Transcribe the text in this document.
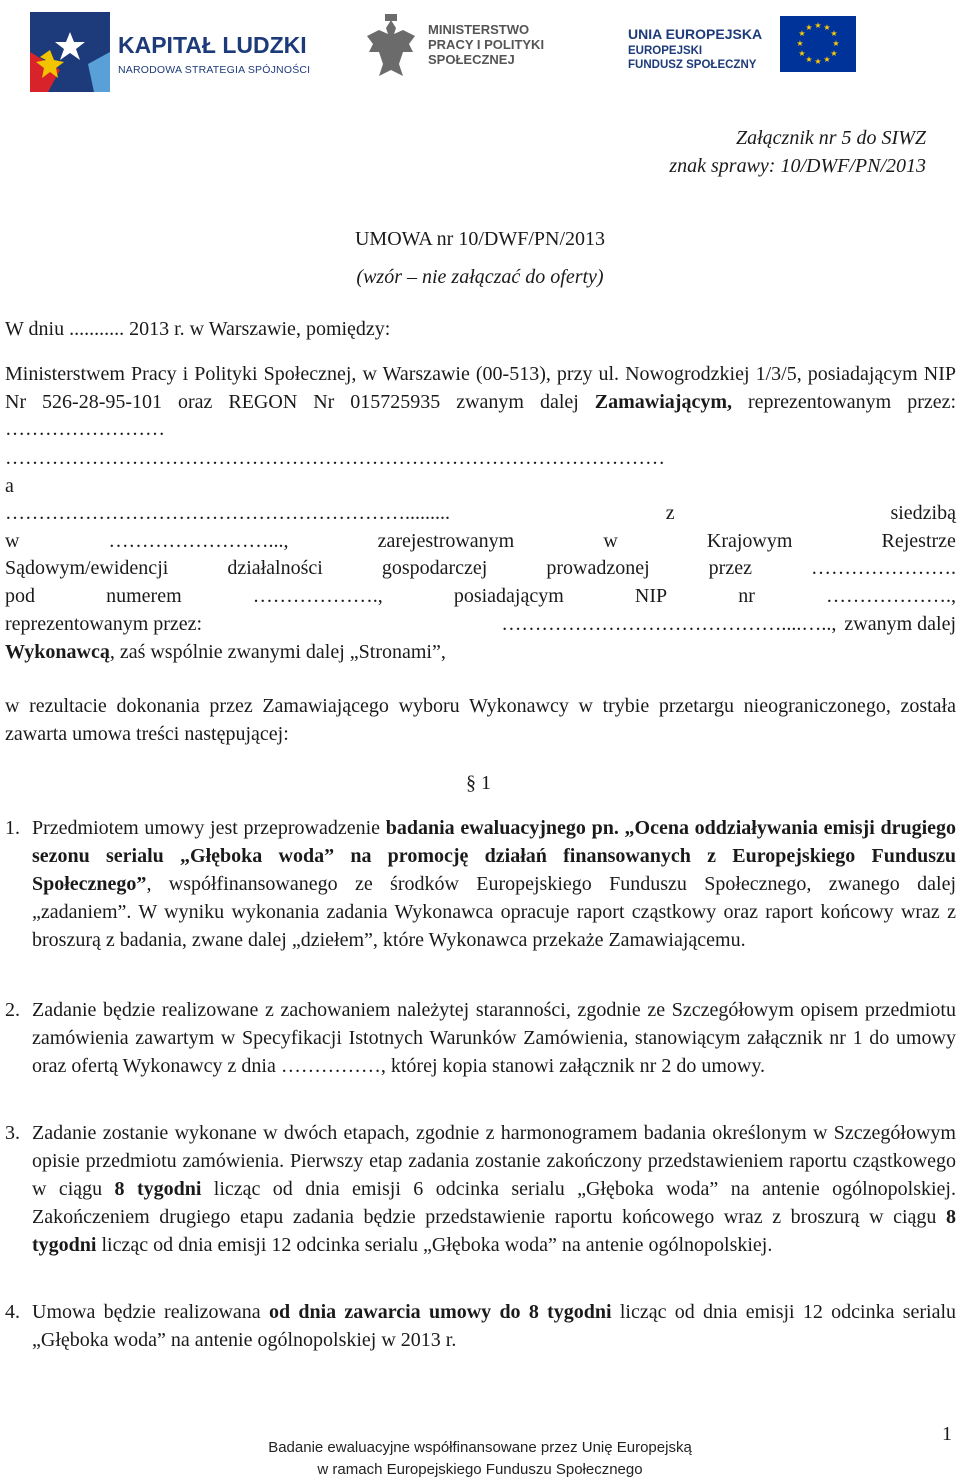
KAPITAŁ LUDZKI
NARODOWA STRATEGIA SPÓJNOŚCI
MINISTERSTWO
PRACY I POLITYKI
SPOŁECZNEJ
UNIA EUROPEJSKA
EUROPEJSKI
FUNDUSZ SPOŁECZNY
★ ★
★
★
★
★
★
★
★
★
★
★
Załącznik nr 5 do SIWZ
znak sprawy: 10/DWF/PN/2013
UMOWA nr 10/DWF/PN/2013
(wzór – nie załączać do oferty)
W dniu ........... 2013 r. w Warszawie, pomiędzy:
Ministerstwem Pracy i Polityki Społecznej, w Warszawie (00-513), przy ul. Nowogrodzkiej 1/3/5, posiadającym NIP Nr 526-28-95-101 oraz REGON Nr 015725935 zwanym dalej Zamawiającym, reprezentowanym przez: ……………………
………………………………………………………………………………………
a
…………………………………………………….........	z	siedzibą
w	……………………...,	zarejestrowanym	w	Krajowym	Rejestrze
Sądowym/ewidencji	działalności	gospodarczej	prowadzonej	przez	………………….
pod	numerem	……………….,	posiadającym	NIP	nr	……………….,
reprezentowanym przez:	……………………………………....….., zwanym dalej
Wykonawcą, zaś wspólnie zwanymi dalej „Stronami”,
w rezultacie dokonania przez Zamawiającego wyboru Wykonawcy w trybie przetargu nieograniczonego, została zawarta umowa treści następującej:
§ 1
1. Przedmiotem umowy jest przeprowadzenie badania ewaluacyjnego pn. „Ocena oddziaływania emisji drugiego sezonu serialu „Głęboka woda” na promocję działań finansowanych z Europejskiego Funduszu Społecznego”, współfinansowanego ze środków Europejskiego Funduszu Społecznego, zwanego dalej „zadaniem”. W wyniku wykonania zadania Wykonawca opracuje raport cząstkowy oraz raport końcowy wraz z broszurą z badania, zwane dalej „dziełem”, które Wykonawca przekaże Zamawiającemu.
2. Zadanie będzie realizowane z zachowaniem należytej staranności, zgodnie ze Szczegółowym opisem przedmiotu zamówienia zawartym w Specyfikacji Istotnych Warunków Zamówienia, stanowiącym załącznik nr 1 do umowy oraz ofertą Wykonawcy z dnia ……………, której kopia stanowi załącznik nr 2 do umowy.
3. Zadanie zostanie wykonane w dwóch etapach, zgodnie z harmonogramem badania określonym w Szczegółowym opisie przedmiotu zamówienia. Pierwszy etap zadania zostanie zakończony przedstawieniem raportu cząstkowego w ciągu 8 tygodni licząc od dnia emisji 6 odcinka serialu „Głęboka woda” na antenie ogólnopolskiej. Zakończeniem drugiego etapu zadania będzie przedstawienie raportu końcowego wraz z broszurą w ciągu 8 tygodni licząc od dnia emisji 12 odcinka serialu „Głęboka woda” na antenie ogólnopolskiej.
4. Umowa będzie realizowana od dnia zawarcia umowy do 8 tygodni licząc od dnia emisji 12 odcinka serialu „Głęboka woda” na antenie ogólnopolskiej w 2013 r.
Badanie ewaluacyjne współfinansowane przez Unię Europejską
w ramach Europejskiego Funduszu Społecznego
1
